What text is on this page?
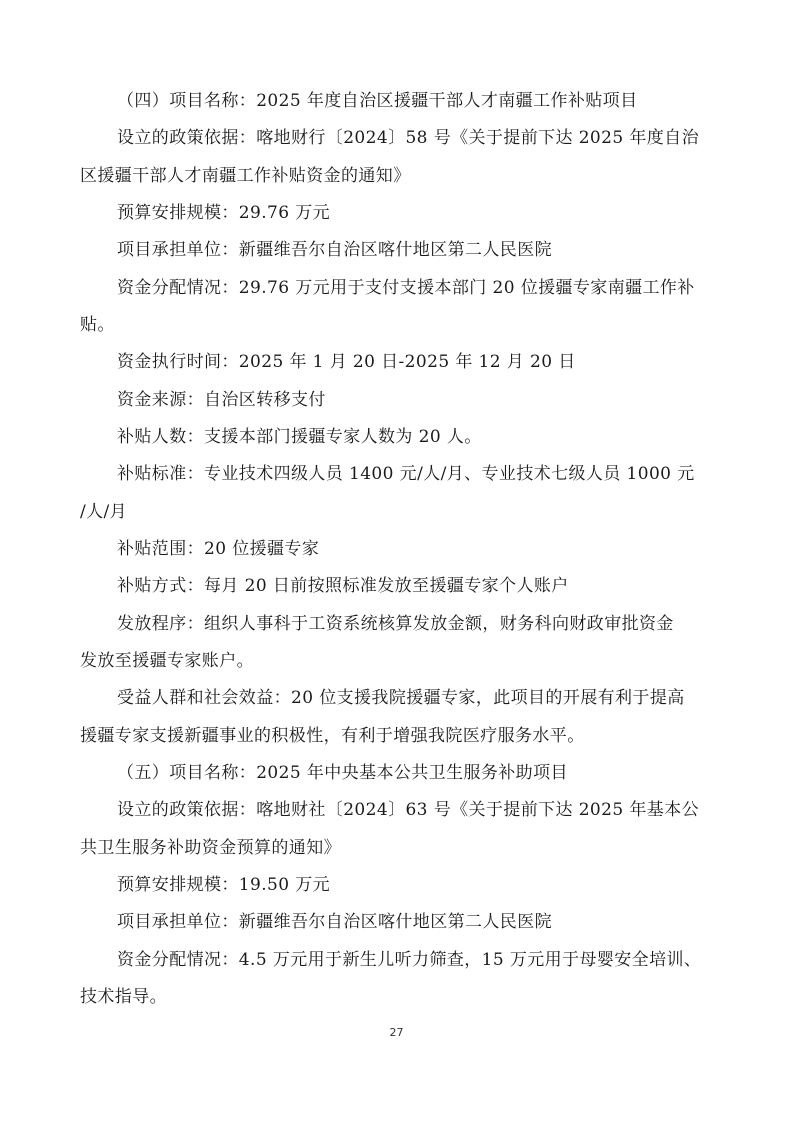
（四）项目名称：2025 年度自治区援疆干部人才南疆工作补贴项目
设立的政策依据：喀地财行〔2024〕58 号《关于提前下达 2025 年度自治
区援疆干部人才南疆工作补贴资金的通知》
预算安排规模：29.76 万元
项目承担单位：新疆维吾尔自治区喀什地区第二人民医院
资金分配情况：29.76 万元用于支付支援本部门 20 位援疆专家南疆工作补
贴。
资金执行时间：2025 年 1 月 20 日-2025 年 12 月 20 日
资金来源：自治区转移支付
补贴人数：支援本部门援疆专家人数为 20 人。
补贴标准：专业技术四级人员 1400 元/人/月、专业技术七级人员 1000 元
/人/月
补贴范围：20 位援疆专家
补贴方式：每月 20 日前按照标准发放至援疆专家个人账户
发放程序：组织人事科于工资系统核算发放金额，财务科向财政审批资金
发放至援疆专家账户。
受益人群和社会效益：20 位支援我院援疆专家，此项目的开展有利于提高
援疆专家支援新疆事业的积极性，有利于增强我院医疗服务水平。
（五）项目名称：2025 年中央基本公共卫生服务补助项目
设立的政策依据：喀地财社〔2024〕63 号《关于提前下达 2025 年基本公
共卫生服务补助资金预算的通知》
预算安排规模：19.50 万元
项目承担单位：新疆维吾尔自治区喀什地区第二人民医院
资金分配情况：4.5 万元用于新生儿听力筛查，15 万元用于母婴安全培训、
技术指导。
27
